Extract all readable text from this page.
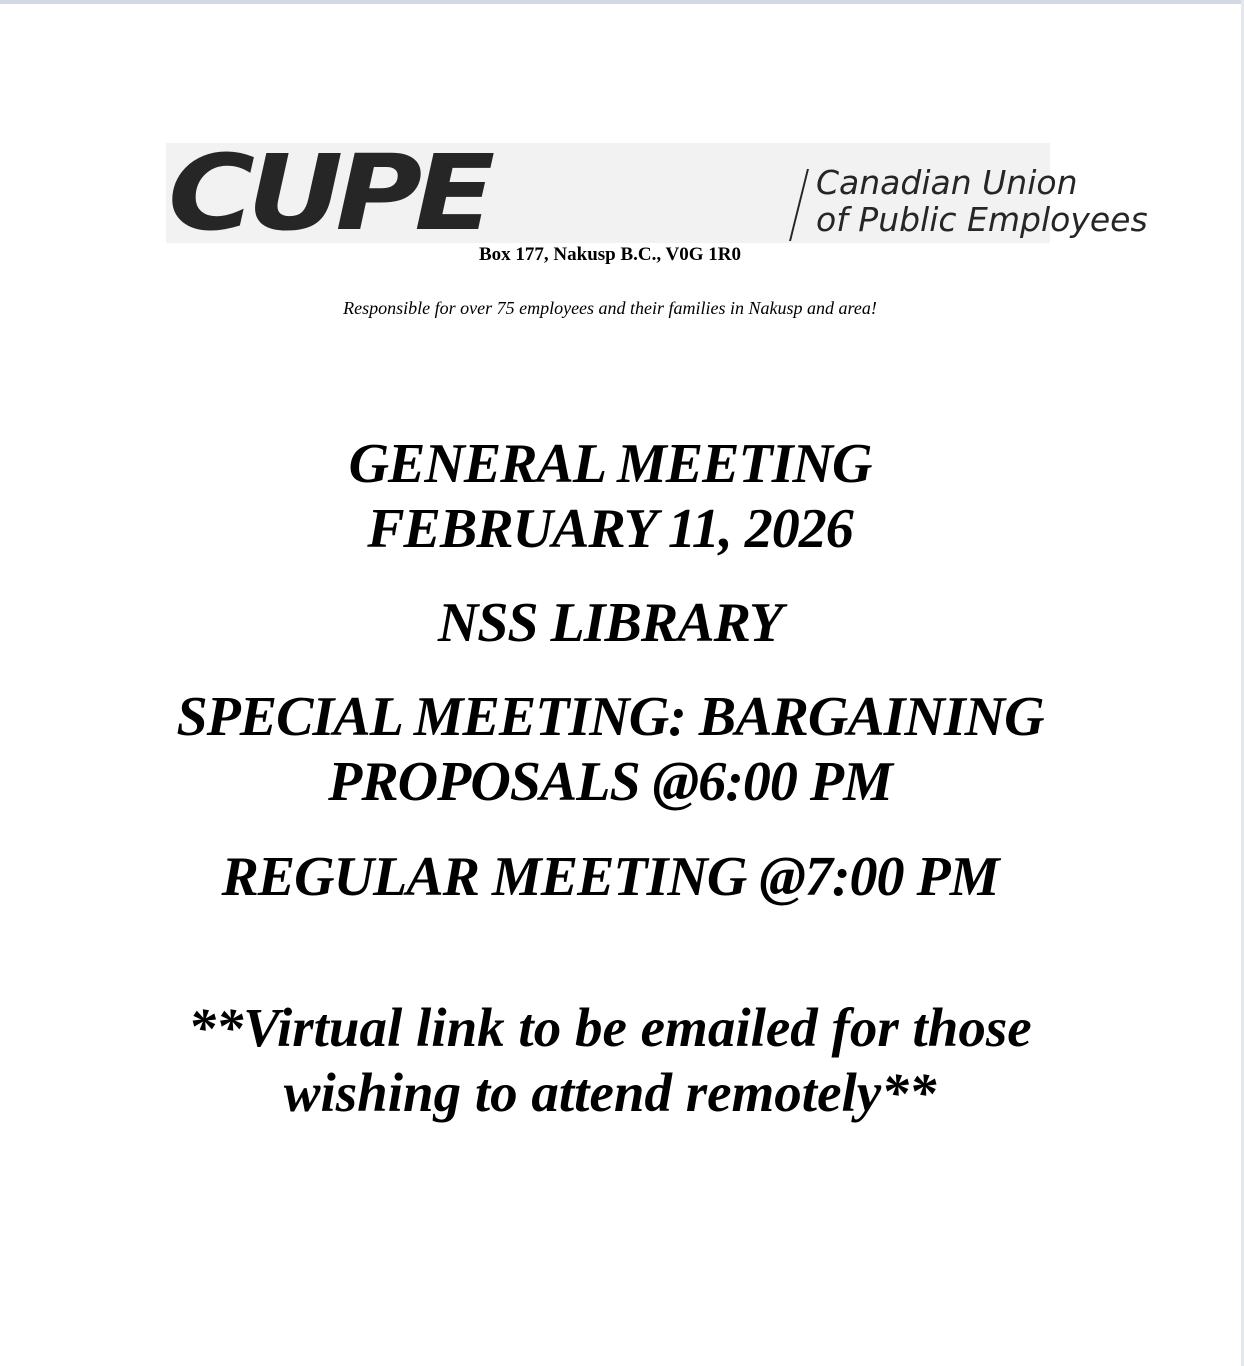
CUPE	Canadian Union
of Public Employees
Box 177, Nakusp B.C., V0G 1R0
Responsible for over 75 employees and their families in Nakusp and area!
GENERAL MEETING
FEBRUARY 11, 2026
NSS LIBRARY
SPECIAL MEETING: BARGAINING
PROPOSALS @6:00 PM
REGULAR MEETING @7:00 PM
**Virtual link to be emailed for those
wishing to attend remotely**
